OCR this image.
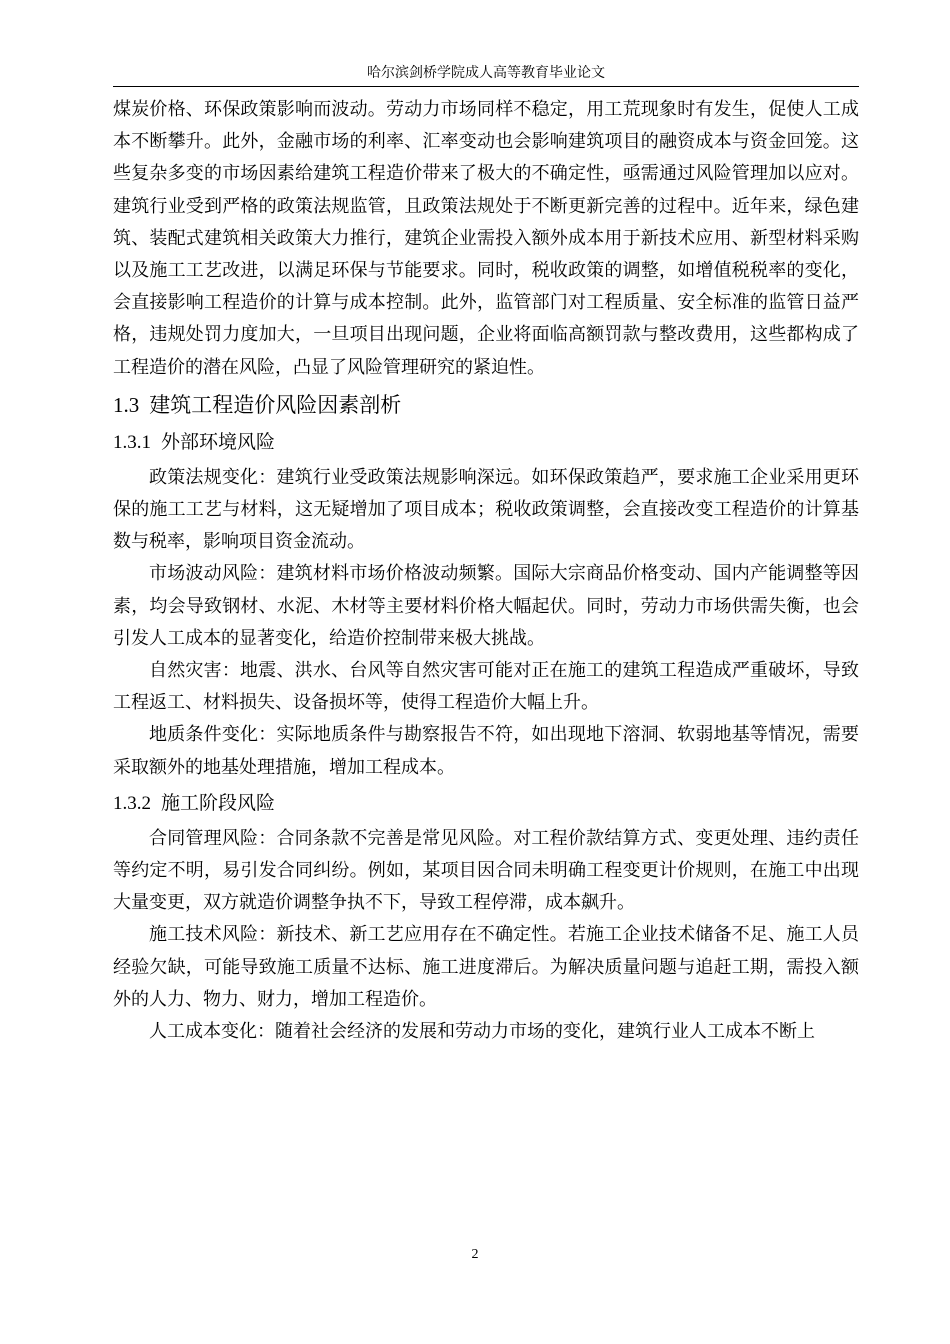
哈尔滨剑桥学院成人高等教育毕业论文

煤炭价格、环保政策影响而波动。劳动力市场同样不稳定，用工荒现象时有发生，促使人工成本不断攀升。此外，金融市场的利率、汇率变动也会影响建筑项目的融资成本与资金回笼。这些复杂多变的市场因素给建筑工程造价带来了极大的不确定性，亟需通过风险管理加以应对。建筑行业受到严格的政策法规监管，且政策法规处于不断更新完善的过程中。近年来，绿色建筑、装配式建筑相关政策大力推行，建筑企业需投入额外成本用于新技术应用、新型材料采购以及施工工艺改进，以满足环保与节能要求。同时，税收政策的调整，如增值税税率的变化，会直接影响工程造价的计算与成本控制。此外，监管部门对工程质量、安全标准的监管日益严格，违规处罚力度加大，一旦项目出现问题，企业将面临高额罚款与整改费用，这些都构成了工程造价的潜在风险，凸显了风险管理研究的紧迫性。

1.3 建筑工程造价风险因素剖析
1.3.1 外部环境风险

政策法规变化：建筑行业受政策法规影响深远。如环保政策趋严，要求施工企业采用更环保的施工工艺与材料，这无疑增加了项目成本；税收政策调整，会直接改变工程造价的计算基数与税率，影响项目资金流动。

市场波动风险：建筑材料市场价格波动频繁。国际大宗商品价格变动、国内产能调整等因素，均会导致钢材、水泥、木材等主要材料价格大幅起伏。同时，劳动力市场供需失衡，也会引发人工成本的显著变化，给造价控制带来极大挑战。

自然灾害：地震、洪水、台风等自然灾害可能对正在施工的建筑工程造成严重破坏，导致工程返工、材料损失、设备损坏等，使得工程造价大幅上升。

地质条件变化：实际地质条件与勘察报告不符，如出现地下溶洞、软弱地基等情况，需要采取额外的地基处理措施，增加工程成本。

1.3.2 施工阶段风险

合同管理风险：合同条款不完善是常见风险。对工程价款结算方式、变更处理、违约责任等约定不明，易引发合同纠纷。例如，某项目因合同未明确工程变更计价规则，在施工中出现大量变更，双方就造价调整争执不下，导致工程停滞，成本飙升。

施工技术风险：新技术、新工艺应用存在不确定性。若施工企业技术储备不足、施工人员经验欠缺，可能导致施工质量不达标、施工进度滞后。为解决质量问题与追赶工期，需投入额外的人力、物力、财力，增加工程造价。

人工成本变化：随着社会经济的发展和劳动力市场的变化，建筑行业人工成本不断上

2
